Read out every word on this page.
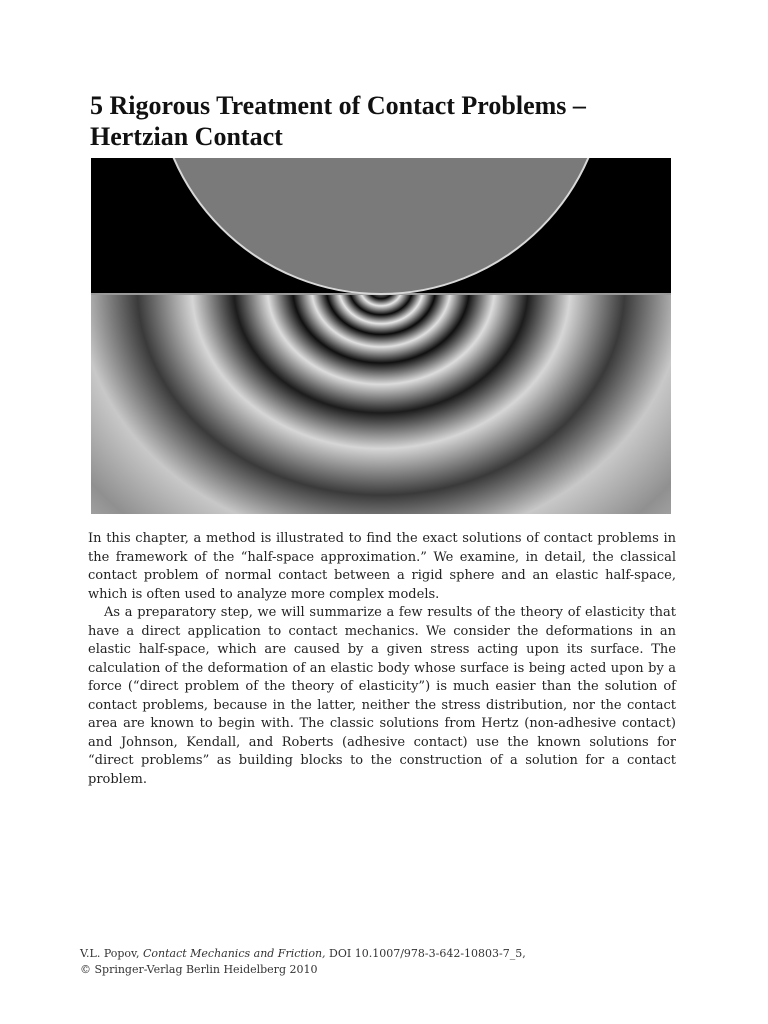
5 Rigorous Treatment of Contact Problems –
Hertzian Contact

In this chapter, a method is illustrated to find the exact solutions of contact problems in the framework of the “half-space approximation.” We examine, in detail, the classical contact problem of normal contact between a rigid sphere and an elastic half-space, which is often used to analyze more complex models.

As a preparatory step, we will summarize a few results of the theory of elasticity that have a direct application to contact mechanics. We consider the deformations in an elastic half-space, which are caused by a given stress acting upon its surface. The calculation of the deformation of an elastic body whose surface is being acted upon by a force (“direct problem of the theory of elasticity”) is much easier than the solution of contact problems, because in the latter, neither the stress distribution, nor the contact area are known to begin with. The classic solutions from Hertz (non-adhesive contact) and Johnson, Kendall, and Roberts (adhesive contact) use the known solutions for “direct problems” as building blocks to the construction of a solution for a contact problem.

V.L. Popov, Contact Mechanics and Friction, DOI 10.1007/978-3-642-10803-7_5,
© Springer-Verlag Berlin Heidelberg 2010
